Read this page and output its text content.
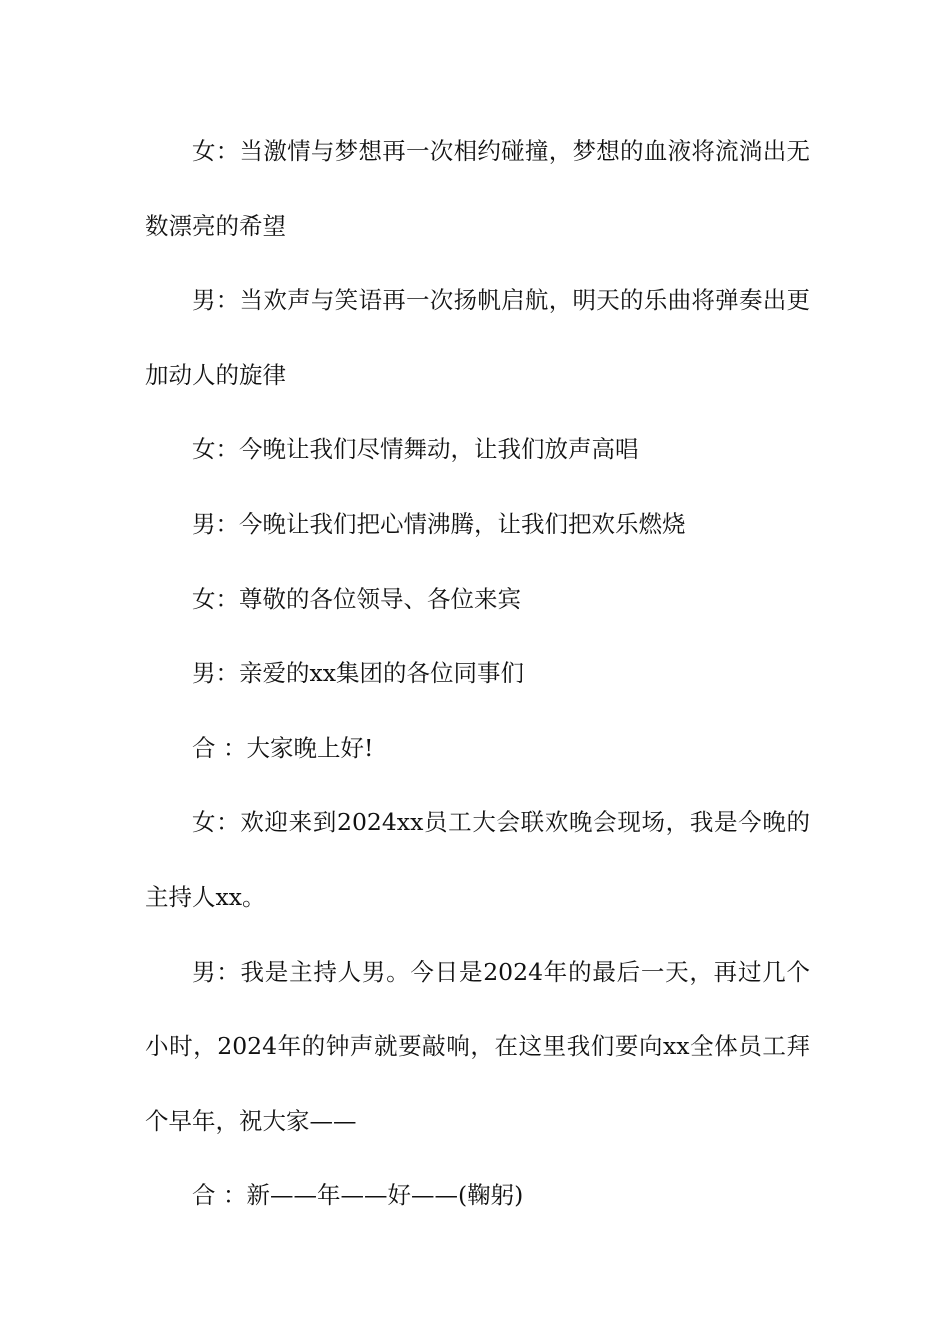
女：当激情与梦想再一次相约碰撞，梦想的血液将流淌出无数漂亮的希望

男：当欢声与笑语再一次扬帆启航，明天的乐曲将弹奏出更加动人的旋律

女：今晚让我们尽情舞动，让我们放声高唱

男：今晚让我们把心情沸腾，让我们把欢乐燃烧

女：尊敬的各位领导、各位来宾

男：亲爱的xx集团的各位同事们

合 ：大家晚上好!

女：欢迎来到2024xx员工大会联欢晚会现场，我是今晚的主持人xx。

男：我是主持人男。今日是2024年的最后一天，再过几个小时，2024年的钟声就要敲响，在这里我们要向xx全体员工拜个早年，祝大家——

合 ：新——年——好——(鞠躬)
